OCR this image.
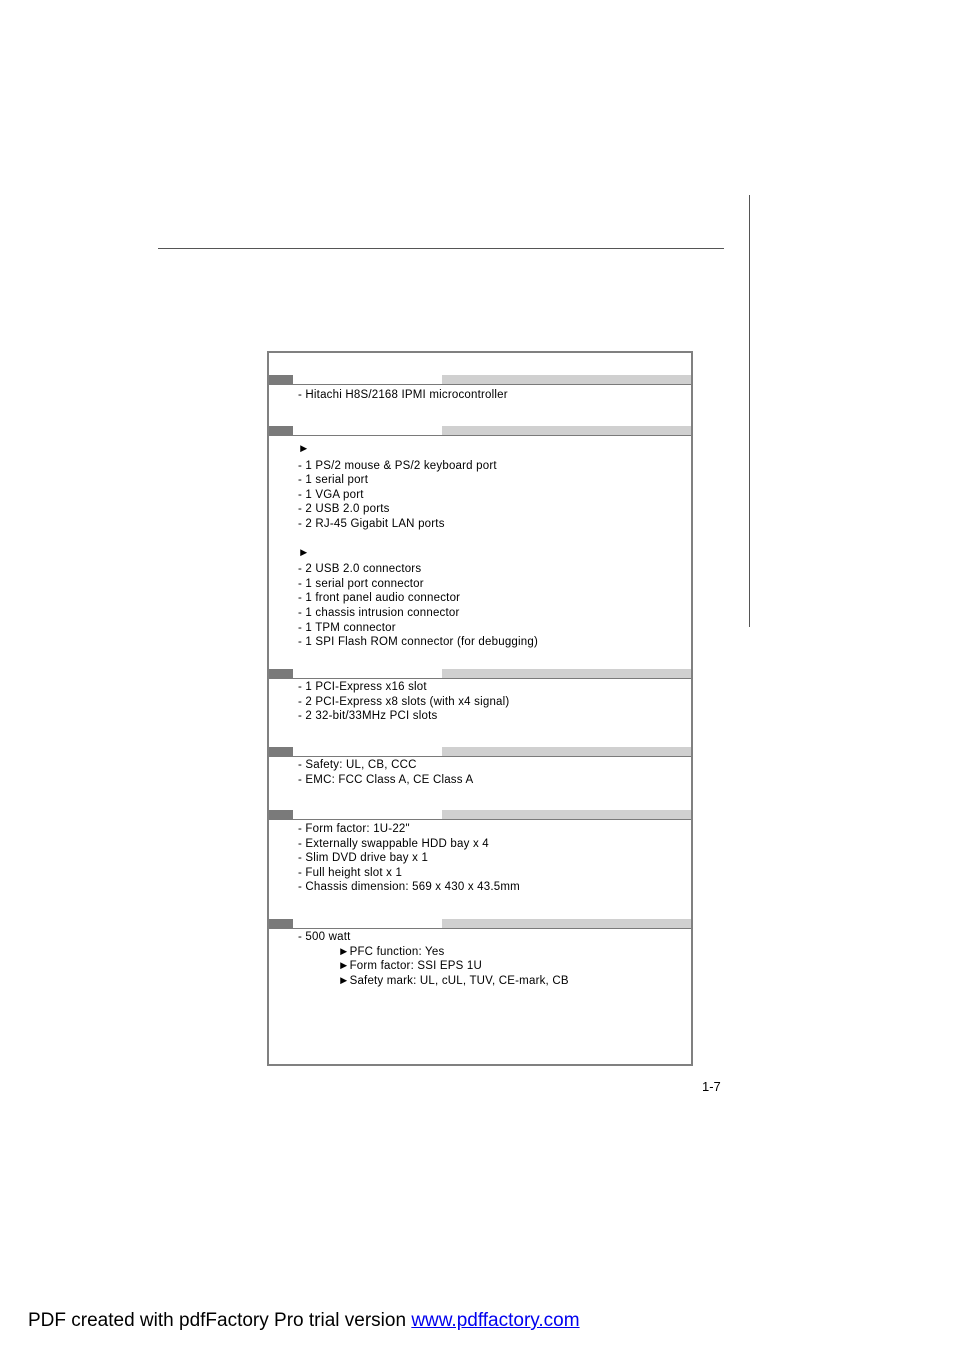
- Hitachi H8S/2168 IPMI microcontroller
►
- 1 PS/2 mouse & PS/2 keyboard port
- 1 serial port
- 1 VGA port
- 2 USB 2.0 ports
- 2 RJ-45 Gigabit LAN ports
►
- 2 USB 2.0 connectors
- 1 serial port connector
- 1 front panel audio connector
- 1 chassis intrusion connector
- 1 TPM connector
- 1 SPI Flash ROM connector (for debugging)
- 1 PCI-Express x16 slot
- 2 PCI-Express x8 slots (with x4 signal)
- 2 32-bit/33MHz PCI slots
- Safety: UL, CB, CCC
- EMC: FCC Class A, CE Class A
- Form factor: 1U-22"
- Externally swappable HDD bay x 4
- Slim DVD drive bay x 1
- Full height slot x 1
- Chassis dimension: 569 x 430 x 43.5mm
- 500 watt
►PFC function: Yes
►Form factor: SSI EPS 1U
►Safety mark: UL, cUL, TUV, CE-mark, CB
1-7
PDF created with pdfFactory Pro trial version www.pdffactory.com
